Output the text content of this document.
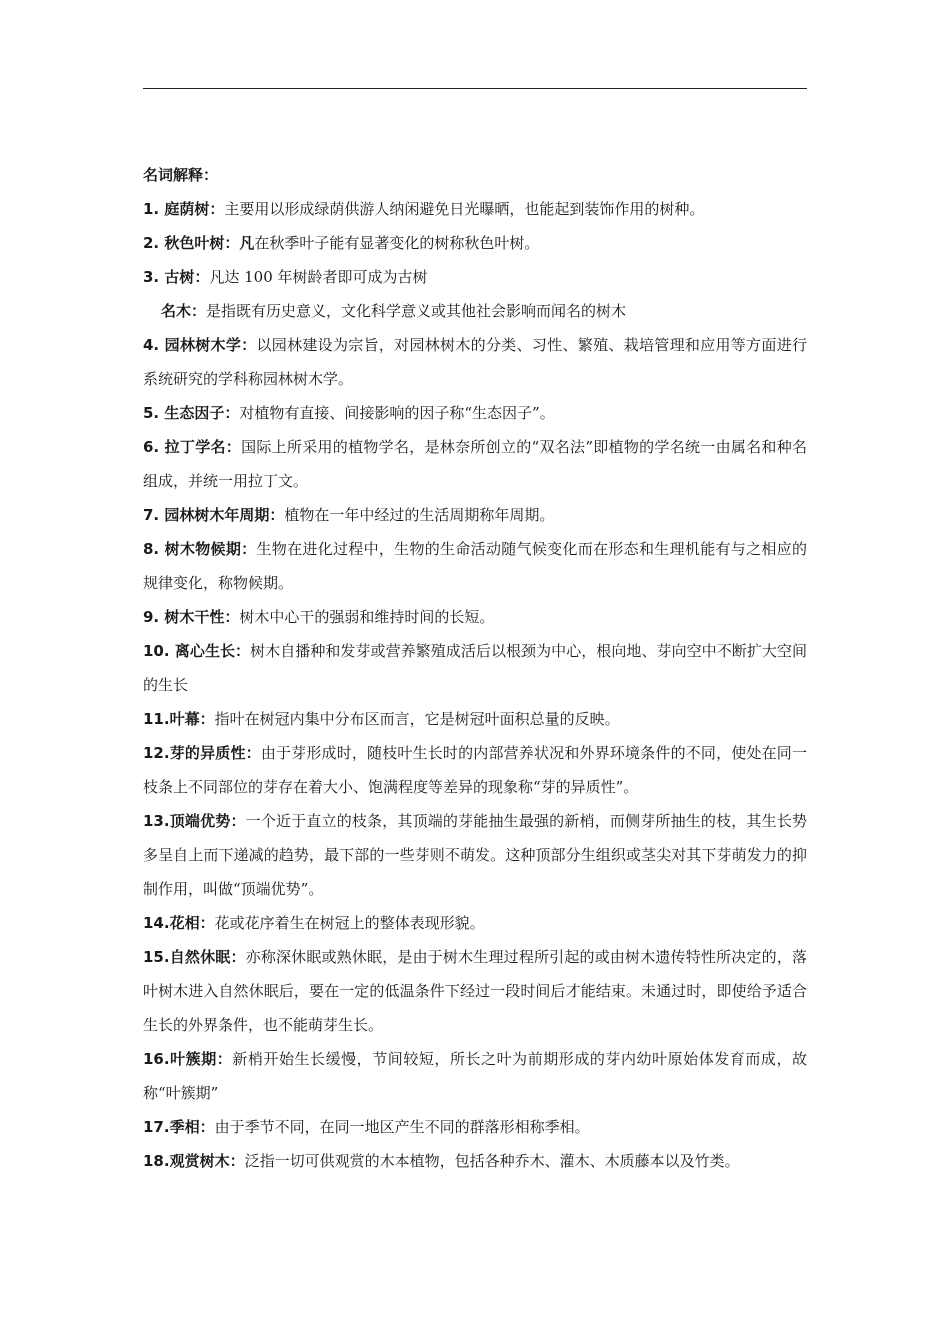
名词解释：

1. 庭荫树：主要用以形成绿荫供游人纳闲避免日光曝晒，也能起到装饰作用的树种。

2. 秋色叶树：凡在秋季叶子能有显著变化的树称秋色叶树。

3. 古树：凡达 100 年树龄者即可成为古树

名木：是指既有历史意义，文化科学意义或其他社会影响而闻名的树木

4. 园林树木学：以园林建设为宗旨，对园林树木的分类、习性、繁殖、栽培管理和应用等方面进行系统研究的学科称园林树木学。

5. 生态因子：对植物有直接、间接影响的因子称“生态因子”。

6. 拉丁学名：国际上所采用的植物学名，是林奈所创立的“双名法”即植物的学名统一由属名和种名组成，并统一用拉丁文。

7. 园林树木年周期：植物在一年中经过的生活周期称年周期。

8. 树木物候期：生物在进化过程中，生物的生命活动随气候变化而在形态和生理机能有与之相应的规律变化，称物候期。

9. 树木干性：树木中心干的强弱和维持时间的长短。

10. 离心生长：树木自播种和发芽或营养繁殖成活后以根颈为中心，根向地、芽向空中不断扩大空间的生长

11.叶幕：指叶在树冠内集中分布区而言，它是树冠叶面积总量的反映。

12.芽的异质性：由于芽形成时，随枝叶生长时的内部营养状况和外界环境条件的不同，使处在同一枝条上不同部位的芽存在着大小、饱满程度等差异的现象称“芽的异质性”。

13.顶端优势：一个近于直立的枝条，其顶端的芽能抽生最强的新梢，而侧芽所抽生的枝，其生长势多呈自上而下递减的趋势，最下部的一些芽则不萌发。这种顶部分生组织或茎尖对其下芽萌发力的抑制作用，叫做“顶端优势”。

14.花相：花或花序着生在树冠上的整体表现形貌。

15.自然休眠：亦称深休眠或熟休眠，是由于树木生理过程所引起的或由树木遗传特性所决定的，落叶树木进入自然休眠后，要在一定的低温条件下经过一段时间后才能结束。未通过时，即使给予适合生长的外界条件，也不能萌芽生长。

16.叶簇期：新梢开始生长缓慢，节间较短，所长之叶为前期形成的芽内幼叶原始体发育而成，故称“叶簇期”

17.季相：由于季节不同，在同一地区产生不同的群落形相称季相。

18.观赏树木：泛指一切可供观赏的木本植物，包括各种乔木、灌木、木质藤本以及竹类。
